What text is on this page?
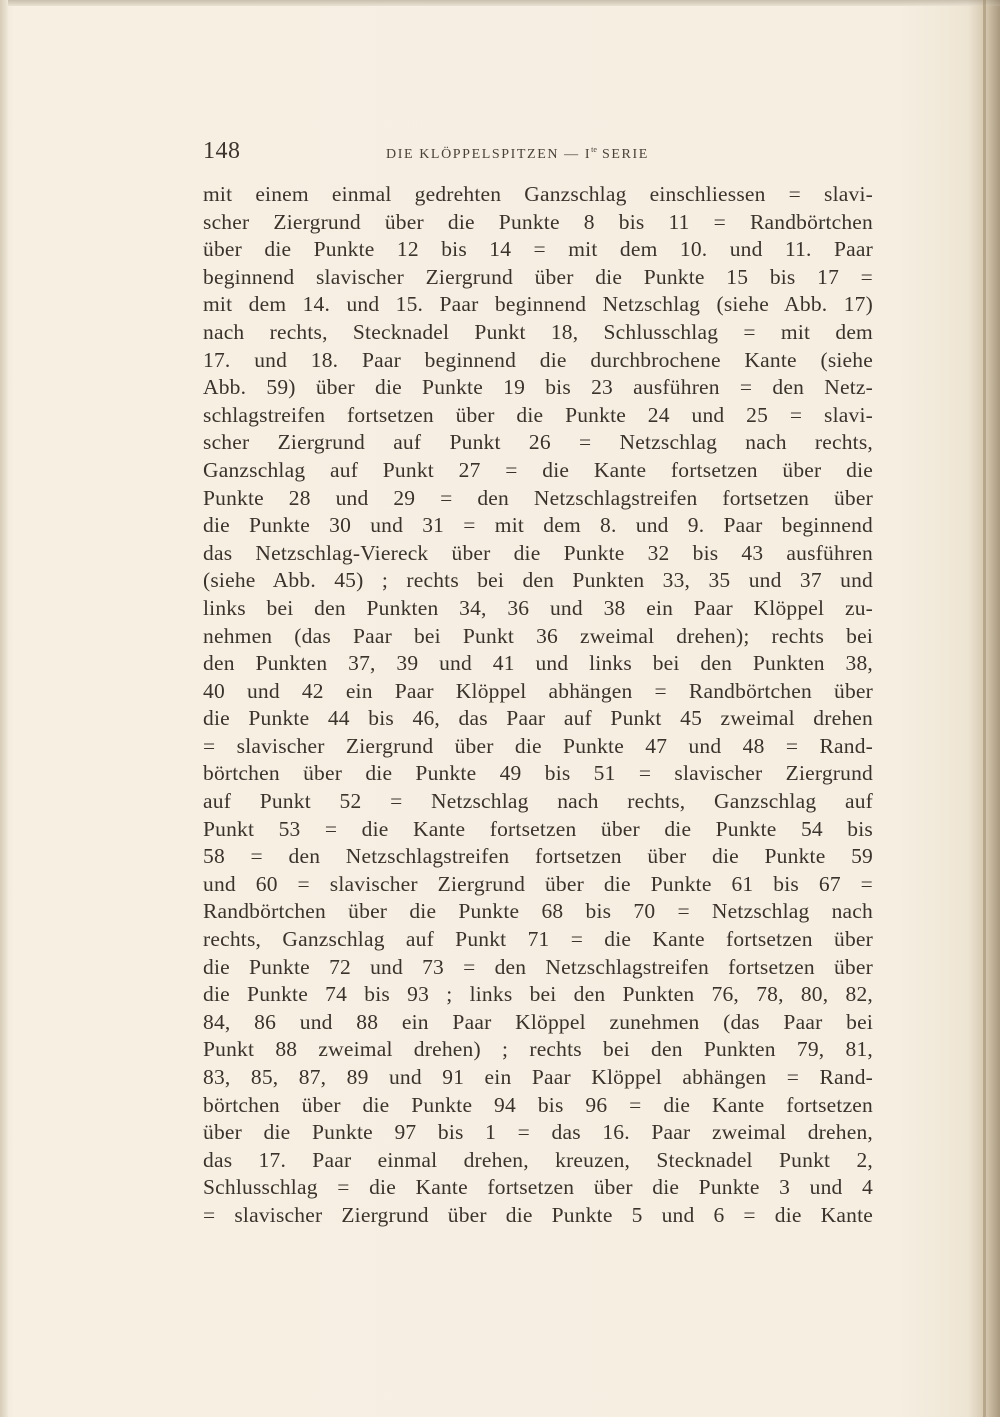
148	DIE KLÖPPELSPITZEN — $I^{te}$ SERIE
mit einem einmal gedrehten Ganzschlag einschliessen = slavi-
scher Ziergrund über die Punkte 8 bis 11 = Randbörtchen
über die Punkte 12 bis 14 = mit dem 10. und 11. Paar
beginnend slavischer Ziergrund über die Punkte 15 bis 17 =
mit dem 14. und 15. Paar beginnend Netzschlag (siehe Abb. 17)
nach rechts, Stecknadel Punkt 18, Schlusschlag = mit dem
17. und 18. Paar beginnend die durchbrochene Kante (siehe
Abb. 59) über die Punkte 19 bis 23 ausführen = den Netz-
schlagstreifen fortsetzen über die Punkte 24 und 25 = slavi-
scher Ziergrund auf Punkt 26 = Netzschlag nach rechts,
Ganzschlag auf Punkt 27 = die Kante fortsetzen über die
Punkte 28 und 29 = den Netzschlagstreifen fortsetzen über
die Punkte 30 und 31 = mit dem 8. und 9. Paar beginnend
das Netzschlag-Viereck über die Punkte 32 bis 43 ausführen
(siehe Abb. 45) ; rechts bei den Punkten 33, 35 und 37 und
links bei den Punkten 34, 36 und 38 ein Paar Klöppel zu-
nehmen (das Paar bei Punkt 36 zweimal drehen); rechts bei
den Punkten 37, 39 und 41 und links bei den Punkten 38,
40 und 42 ein Paar Klöppel abhängen = Randbörtchen über
die Punkte 44 bis 46, das Paar auf Punkt 45 zweimal drehen
= slavischer Ziergrund über die Punkte 47 und 48 = Rand-
börtchen über die Punkte 49 bis 51 = slavischer Ziergrund
auf Punkt 52 = Netzschlag nach rechts, Ganzschlag auf
Punkt 53 = die Kante fortsetzen über die Punkte 54 bis
58 = den Netzschlagstreifen fortsetzen über die Punkte 59
und 60 = slavischer Ziergrund über die Punkte 61 bis 67 =
Randbörtchen über die Punkte 68 bis 70 = Netzschlag nach
rechts, Ganzschlag auf Punkt 71 = die Kante fortsetzen über
die Punkte 72 und 73 = den Netzschlagstreifen fortsetzen über
die Punkte 74 bis 93 ; links bei den Punkten 76, 78, 80, 82,
84, 86 und 88 ein Paar Klöppel zunehmen (das Paar bei
Punkt 88 zweimal drehen) ; rechts bei den Punkten 79, 81,
83, 85, 87, 89 und 91 ein Paar Klöppel abhängen = Rand-
börtchen über die Punkte 94 bis 96 = die Kante fortsetzen
über die Punkte 97 bis 1 = das 16. Paar zweimal drehen,
das 17. Paar einmal drehen, kreuzen, Stecknadel Punkt 2,
Schlusschlag = die Kante fortsetzen über die Punkte 3 und 4
= slavischer Ziergrund über die Punkte 5 und 6 = die Kante
